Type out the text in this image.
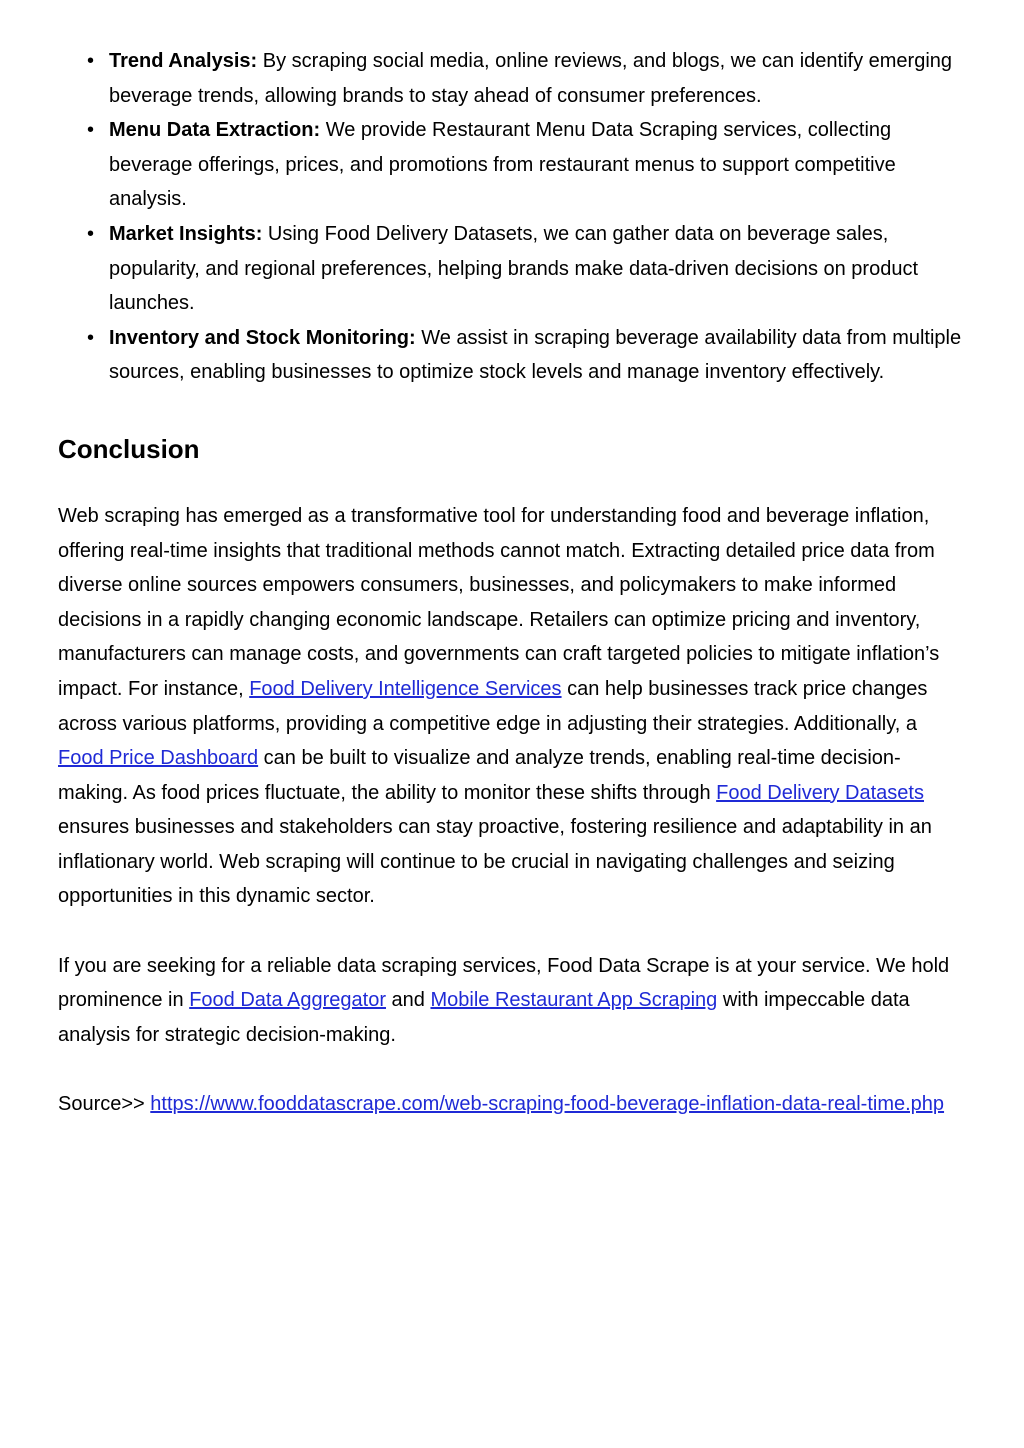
• Trend Analysis: By scraping social media, online reviews, and blogs, we can identify emerging beverage trends, allowing brands to stay ahead of consumer preferences.
• Menu Data Extraction: We provide Restaurant Menu Data Scraping services, collecting beverage offerings, prices, and promotions from restaurant menus to support competitive analysis.
• Market Insights: Using Food Delivery Datasets, we can gather data on beverage sales, popularity, and regional preferences, helping brands make data-driven decisions on product launches.
• Inventory and Stock Monitoring: We assist in scraping beverage availability data from multiple sources, enabling businesses to optimize stock levels and manage inventory effectively.
Conclusion

Web scraping has emerged as a transformative tool for understanding food and beverage inflation, offering real-time insights that traditional methods cannot match. Extracting detailed price data from diverse online sources empowers consumers, businesses, and policymakers to make informed decisions in a rapidly changing economic landscape. Retailers can optimize pricing and inventory, manufacturers can manage costs, and governments can craft targeted policies to mitigate inflation’s impact. For instance, Food Delivery Intelligence Services can help businesses track price changes across various platforms, providing a competitive edge in adjusting their strategies. Additionally, a Food Price Dashboard can be built to visualize and analyze trends, enabling real-time decision-making. As food prices fluctuate, the ability to monitor these shifts through Food Delivery Datasets ensures businesses and stakeholders can stay proactive, fostering resilience and adaptability in an inflationary world. Web scraping will continue to be crucial in navigating challenges and seizing opportunities in this dynamic sector.

If you are seeking for a reliable data scraping services, Food Data Scrape is at your service. We hold prominence in Food Data Aggregator and Mobile Restaurant App Scraping with impeccable data analysis for strategic decision-making.

Source>> https://www.fooddatascrape.com/web-scraping-food-beverage-inflation-data-real-time.php
